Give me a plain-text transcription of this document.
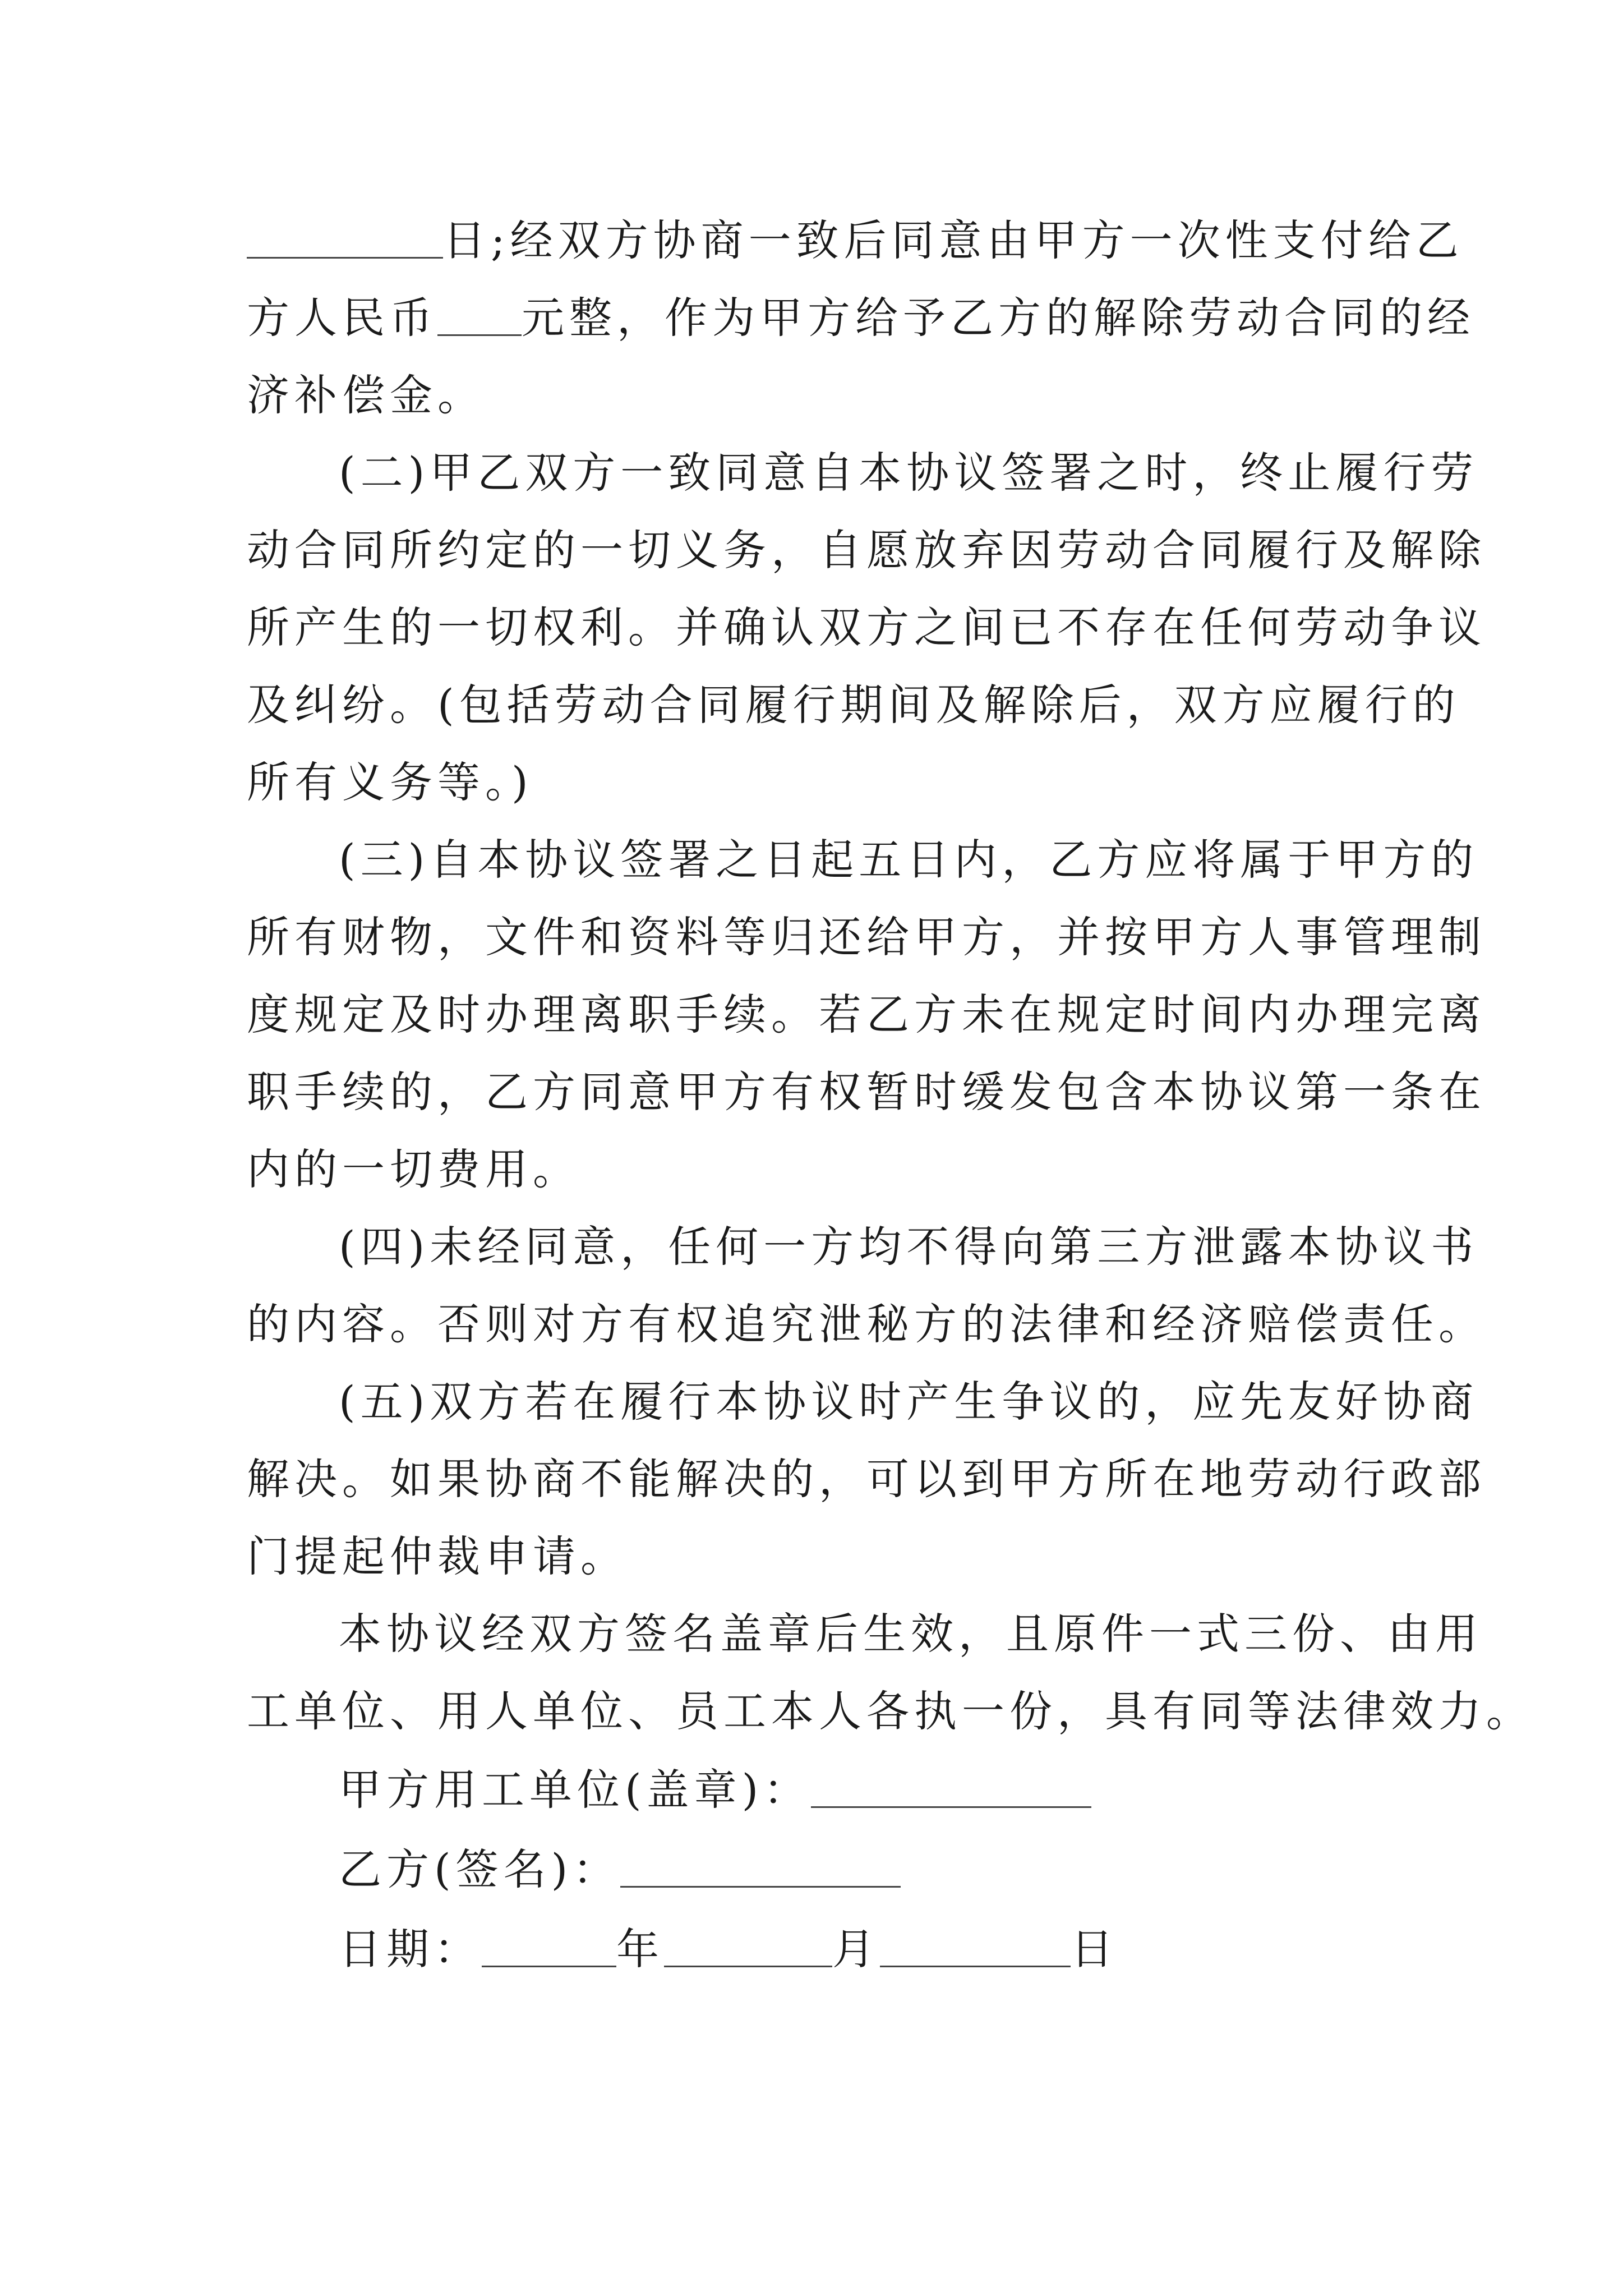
日;经双方协商一致后同意由甲方一次性支付给乙
方人民币 元整，作为甲方给予乙方的解除劳动合同的经
济补偿金。
(二)甲乙双方一致同意自本协议签署之时，终止履行劳
动合同所约定的一切义务，自愿放弃因劳动合同履行及解除
所产生的一切权利。并确认双方之间已不存在任何劳动争议
及纠纷。(包括劳动合同履行期间及解除后，双方应履行的
所有义务等。)
(三)自本协议签署之日起五日内，乙方应将属于甲方的
所有财物，文件和资料等归还给甲方，并按甲方人事管理制
度规定及时办理离职手续。若乙方未在规定时间内办理完离
职手续的，乙方同意甲方有权暂时缓发包含本协议第一条在
内的一切费用。
(四)未经同意，任何一方均不得向第三方泄露本协议书
的内容。否则对方有权追究泄秘方的法律和经济赔偿责任。
(五)双方若在履行本协议时产生争议的，应先友好协商
解决。如果协商不能解决的，可以到甲方所在地劳动行政部
门提起仲裁申请。
本协议经双方签名盖章后生效，且原件一式三份、由用
工单位、用人单位、员工本人各执一份，具有同等法律效力。
甲方用工单位(盖章)：
乙方(签名)：
日期：	年	月	日
